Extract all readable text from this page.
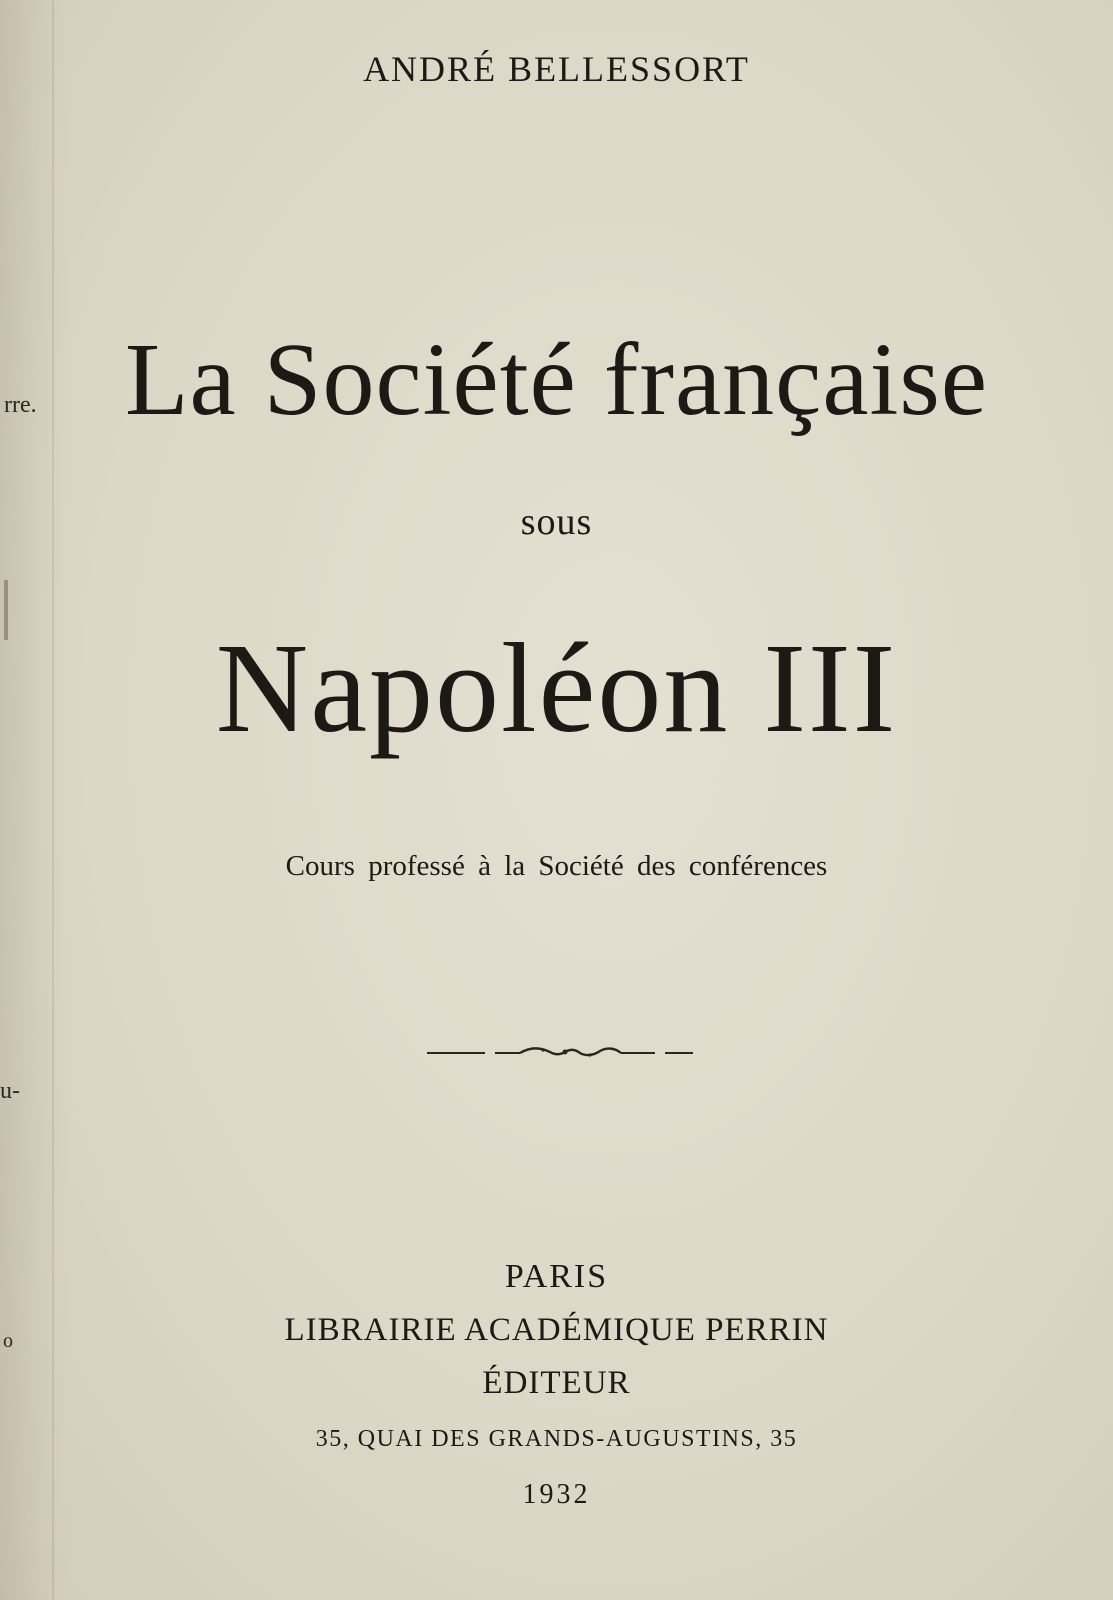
rre.
u-
o
ANDRÉ BELLESSORT
La Société française
sous
Napoléon III
Cours professé à la Société des conférences
PARIS
LIBRAIRIE ACADÉMIQUE PERRIN
ÉDITEUR
35, QUAI DES GRANDS-AUGUSTINS, 35
1932
